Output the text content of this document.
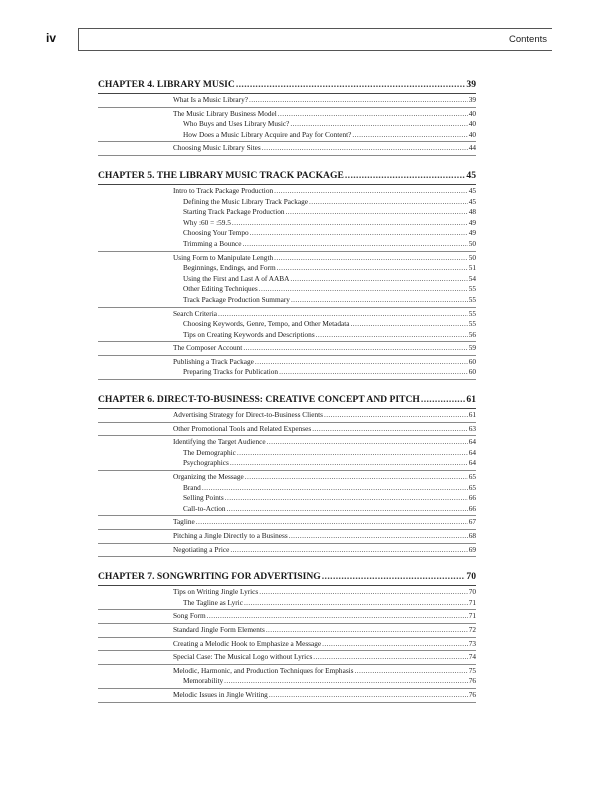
iv	Contents
CHAPTER 4. LIBRARY MUSIC .....	39
What Is a Music Library? .....	39
The Music Library Business Model .....	40
Who Buys and Uses Library Music? .....	40
How Does a Music Library Acquire and Pay for Content? .....	40
Choosing Music Library Sites .....	44
CHAPTER 5. THE LIBRARY MUSIC TRACK PACKAGE .....	45
Intro to Track Package Production .....	45
Defining the Music Library Track Package .....	45
Starting Track Package Production .....	48
Why :60 = :59.5 .....	49
Choosing Your Tempo .....	49
Trimming a Bounce .....	50
Using Form to Manipulate Length .....	50
Beginnings, Endings, and Form .....	51
Using the First and Last A of AABA .....	54
Other Editing Techniques .....	55
Track Package Production Summary .....	55
Search Criteria .....	55
Choosing Keywords, Genre, Tempo, and Other Metadata .....	55
Tips on Creating Keywords and Descriptions .....	56
The Composer Account .....	59
Publishing a Track Package .....	60
Preparing Tracks for Publication .....	60
CHAPTER 6. DIRECT-TO-BUSINESS: CREATIVE CONCEPT AND PITCH .....	61
Advertising Strategy for Direct-to-Business Clients .....	61
Other Promotional Tools and Related Expenses .....	63
Identifying the Target Audience .....	64
The Demographic .....	64
Psychographics .....	64
Organizing the Message .....	65
Brand .....	65
Selling Points .....	66
Call-to-Action .....	66
Tagline .....	67
Pitching a Jingle Directly to a Business .....	68
Negotiating a Price .....	69
CHAPTER 7. SONGWRITING FOR ADVERTISING .....	70
Tips on Writing Jingle Lyrics .....	70
The Tagline as Lyric .....	71
Song Form .....	71
Standard Jingle Form Elements .....	72
Creating a Melodic Hook to Emphasize a Message .....	73
Special Case: The Musical Logo without Lyrics .....	74
Melodic, Harmonic, and Production Techniques for Emphasis .....	75
Memorability .....	76
Melodic Issues in Jingle Writing .....	76
